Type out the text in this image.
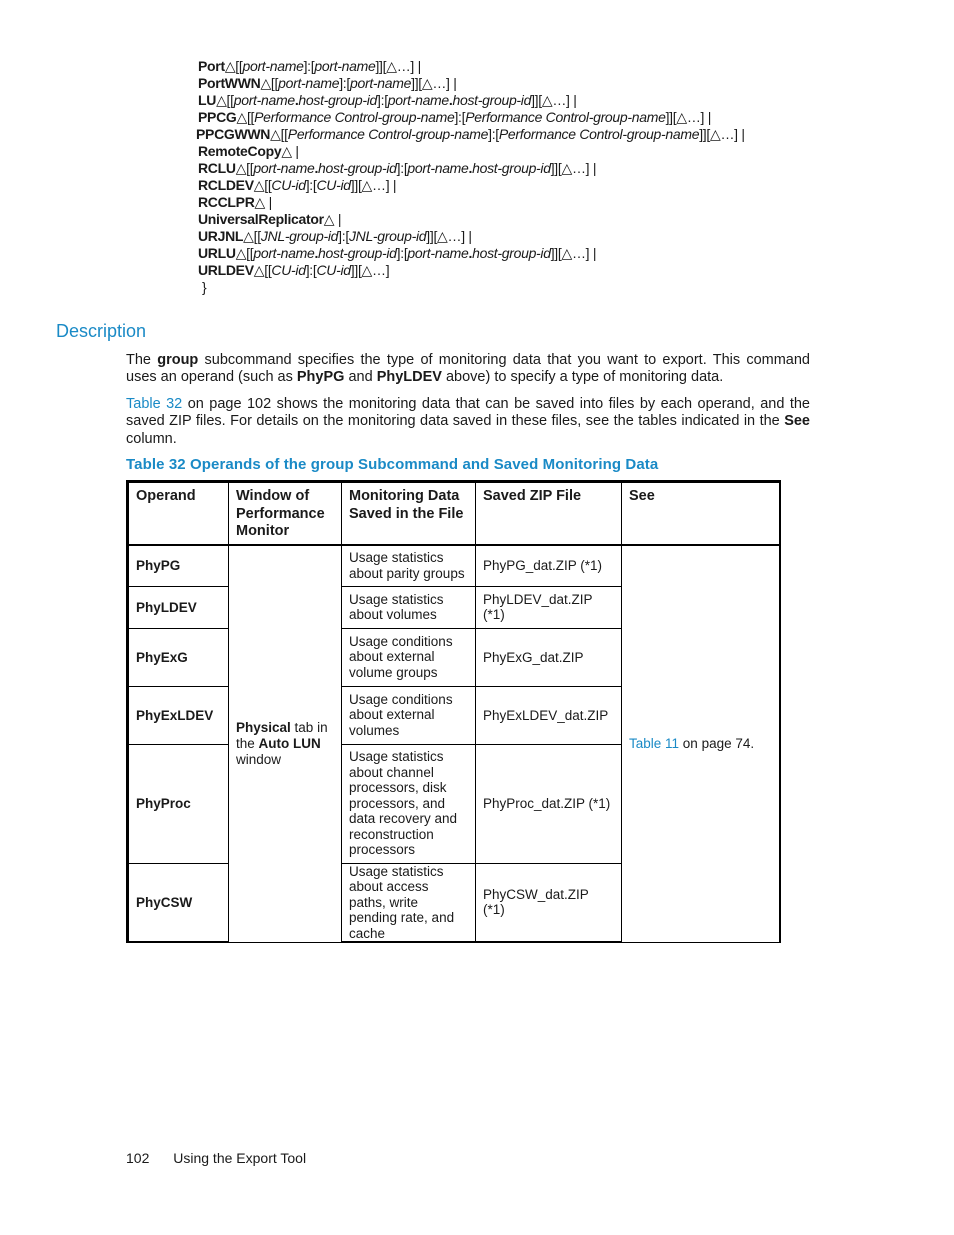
Port△[[port-name]:[port-name]][△…] |
PortWWN△[[port-name]:[port-name]][△…] |
LU△[[port-name.host-group-id]:[port-name.host-group-id]][△…] |
PPCG△[[Performance Control-group-name]:[Performance Control-group-name]][△…] |
PPCGWWN△[[Performance Control-group-name]:[Performance Control-group-name]][△…] |
RemoteCopy△ |
RCLU△[[port-name.host-group-id]:[port-name.host-group-id]][△…] |
RCLDEV△[[CU-id]:[CU-id]][△…] |
RCCLPR△ |
UniversalReplicator△ |
URJNL△[[JNL-group-id]:[JNL-group-id]][△…] |
URLU△[[port-name.host-group-id]:[port-name.host-group-id]][△…] |
URLDEV△[[CU-id]:[CU-id]][△…]
}
Description
The group subcommand specifies the type of monitoring data that you want to export. This command uses an operand (such as PhyPG and PhyLDEV above) to specify a type of monitoring data.
Table 32 on page 102 shows the monitoring data that can be saved into files by each operand, and the saved ZIP files. For details on the monitoring data saved in these files, see the tables indicated in the See column.
Table 32 Operands of the group Subcommand and Saved Monitoring Data
Operand	Window of Performance Monitor	Monitoring Data Saved in the File	Saved ZIP File	See
PhyPG	Physical tab in the Auto LUN window	Usage statistics about parity groups	PhyPG_dat.ZIP (*1)	Table 11 on page 74.
PhyLDEV		Usage statistics about volumes	PhyLDEV_dat.ZIP (*1)	
PhyExG		Usage conditions about external volume groups	PhyExG_dat.ZIP	
PhyExLDEV		Usage conditions about external volumes	PhyExLDEV_dat.ZIP	
PhyProc		Usage statistics about channel processors, disk processors, and data recovery and reconstruction processors	PhyProc_dat.ZIP (*1)	
PhyCSW		Usage statistics about access paths, write pending rate, and cache	PhyCSW_dat.ZIP (*1)	
102 Using the Export Tool
